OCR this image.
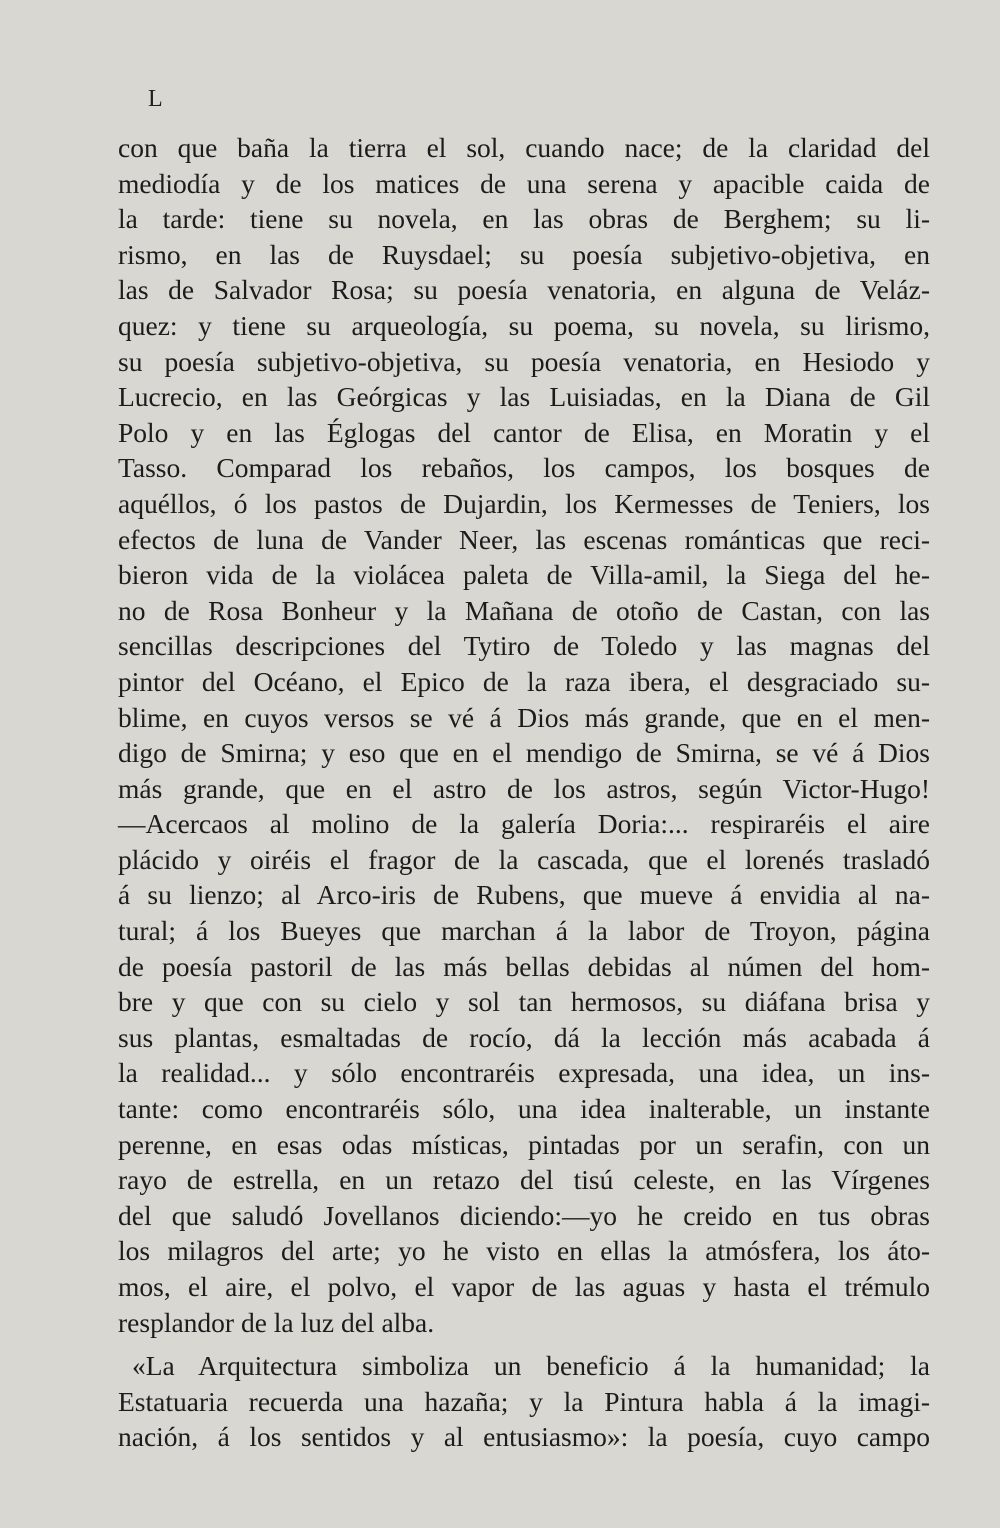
L
con que baña la tierra el sol, cuando nace; de la claridad del
mediodía y de los matices de una serena y apacible caida de
la tarde: tiene su novela, en las obras de Berghem; su li-
rismo, en las de Ruysdael; su poesía subjetivo-objetiva, en
las de Salvador Rosa; su poesía venatoria, en alguna de Veláz-
quez: y tiene su arqueología, su poema, su novela, su lirismo,
su poesía subjetivo-objetiva, su poesía venatoria, en Hesiodo y
Lucrecio, en las Geórgicas y las Luisiadas, en la Diana de Gil
Polo y en las Églogas del cantor de Elisa, en Moratin y el
Tasso. Comparad los rebaños, los campos, los bosques de
aquéllos, ó los pastos de Dujardin, los Kermesses de Teniers, los
efectos de luna de Vander Neer, las escenas románticas que reci-
bieron vida de la violácea paleta de Villa-amil, la Siega del he-
no de Rosa Bonheur y la Mañana de otoño de Castan, con las
sencillas descripciones del Tytiro de Toledo y las magnas del
pintor del Océano, el Epico de la raza ibera, el desgraciado su-
blime, en cuyos versos se vé á Dios más grande, que en el men-
digo de Smirna; y eso que en el mendigo de Smirna, se vé á Dios
más grande, que en el astro de los astros, según Victor-Hugo!
—Acercaos al molino de la galería Doria:... respiraréis el aire
plácido y oiréis el fragor de la cascada, que el lorenés trasladó
á su lienzo; al Arco-iris de Rubens, que mueve á envidia al na-
tural; á los Bueyes que marchan á la labor de Troyon, página
de poesía pastoril de las más bellas debidas al númen del hom-
bre y que con su cielo y sol tan hermosos, su diáfana brisa y
sus plantas, esmaltadas de rocío, dá la lección más acabada á
la realidad... y sólo encontraréis expresada, una idea, un ins-
tante: como encontraréis sólo, una idea inalterable, un instante
perenne, en esas odas místicas, pintadas por un serafin, con un
rayo de estrella, en un retazo del tisú celeste, en las Vírgenes
del que saludó Jovellanos diciendo:—yo he creido en tus obras
los milagros del arte; yo he visto en ellas la atmósfera, los áto-
mos, el aire, el polvo, el vapor de las aguas y hasta el trémulo
resplandor de la luz del alba.
«La Arquitectura simboliza un beneficio á la humanidad; la
Estatuaria recuerda una hazaña; y la Pintura habla á la imagi-
nación, á los sentidos y al entusiasmo»: la poesía, cuyo campo
